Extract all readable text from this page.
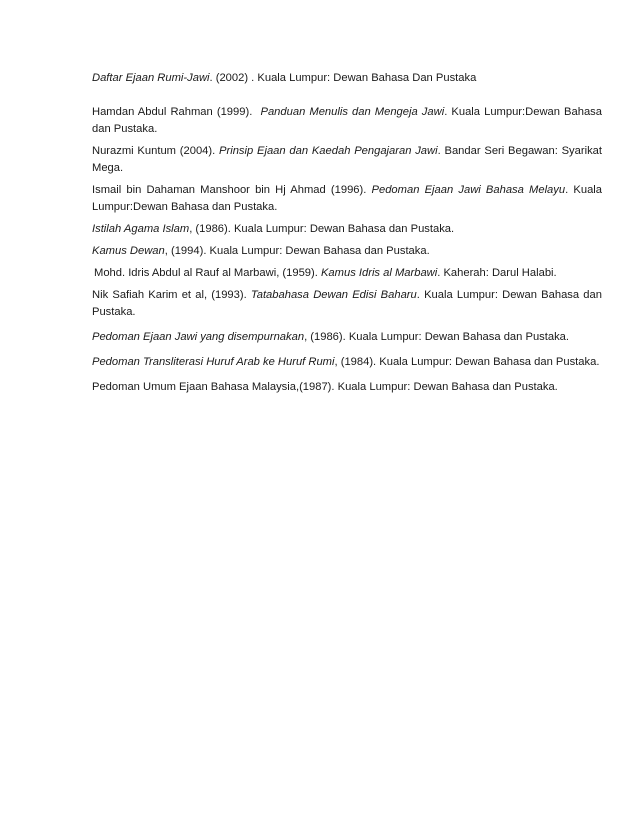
Daftar Ejaan Rumi-Jawi. (2002) . Kuala Lumpur: Dewan Bahasa Dan Pustaka

Hamdan Abdul Rahman (1999).  Panduan Menulis dan Mengeja Jawi. Kuala Lumpur:Dewan Bahasa dan Pustaka.

Nurazmi Kuntum (2004). Prinsip Ejaan dan Kaedah Pengajaran Jawi. Bandar Seri Begawan: Syarikat Mega.

Ismail bin Dahaman Manshoor bin Hj Ahmad (1996). Pedoman Ejaan Jawi Bahasa Melayu. Kuala Lumpur:Dewan Bahasa dan Pustaka.

Istilah Agama Islam, (1986). Kuala Lumpur: Dewan Bahasa dan Pustaka.

Kamus Dewan, (1994). Kuala Lumpur: Dewan Bahasa dan Pustaka.

Mohd. Idris Abdul al Rauf al Marbawi, (1959). Kamus Idris al Marbawi. Kaherah: Darul Halabi.

Nik Safiah Karim et al, (1993). Tatabahasa Dewan Edisi Baharu. Kuala Lumpur: Dewan Bahasa dan Pustaka.

Pedoman Ejaan Jawi yang disempurnakan, (1986). Kuala Lumpur: Dewan Bahasa dan Pustaka.

Pedoman Transliterasi Huruf Arab ke Huruf Rumi, (1984). Kuala Lumpur: Dewan Bahasa dan Pustaka.

Pedoman Umum Ejaan Bahasa Malaysia,(1987). Kuala Lumpur: Dewan Bahasa dan Pustaka.
